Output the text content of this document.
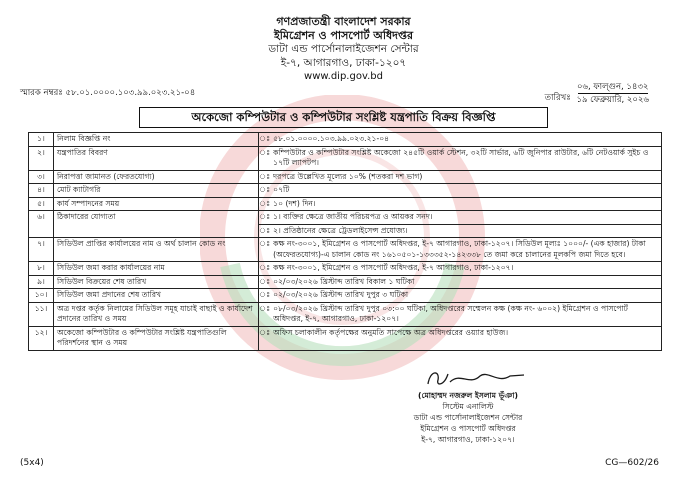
গণপ্রজাতন্ত্রী বাংলাদেশ সরকার
ইমিগ্রেশন ও পাসপোর্ট অধিদপ্তর
ডাটা এন্ড পার্সোনালাইজেশন সেন্টার
ই-৭, আগারগাও, ঢাকা-১২০৭
www.dip.gov.bd
স্মারক নম্বরঃ ৫৮.০১.০০০০.১০৩.৯৯.০২৩.২১-০৪	তারিখঃ
০৬, ফাল্গুন, ১৪৩২
১৯ ফেব্রুয়ারি, ২০২৬
অকেজো কম্পিউটার ও কম্পিউটার সংশ্লিষ্ট যন্ত্রপাতি বিক্রয় বিজ্ঞপ্তি
১।	নিলাম বিজ্ঞপ্তি নং	ঃ	৫৮.০১.০০০০.১০৩.৯৯.০২৩.২১-০৪
২।	যন্ত্রপাতির বিবরণ	ঃ	কম্পিউটার ও কম্পিউটার সংশ্লিষ্ট অকেজো ২৪৫টি ওয়ার্ক স্টেশন, ৩২টি সার্ভার, ৬টি জুনিপার রাউটার, ৬টি নেটওয়ার্ক সুইচ ও ১৭টি ল্যাপটপ।
৩।	নিরাপত্তা জামানত (ফেরতযোগ্য)	ঃ	দরপত্রে উল্লেখিত মূল্যের ১০% (শতকরা দশ ভাগ)
৪।	মোট ক্যাটাগরি	ঃ	০৭টি
৫।	কার্য সম্পাদনের সময়	ঃ	১০ (দশ) দিন।
৬।	ঠিকাদারের যোগ্যতা	ঃ	১। ব্যক্তির ক্ষেত্রে জাতীয় পরিচয়পত্র ও আয়কর সনদ।
		ঃ	২। প্রতিষ্ঠানের ক্ষেত্রে ট্রেডলাইসেন্স প্রযোজ্য।
৭।	সিডিউল প্রাপ্তির কার্যালয়ের নাম ও অর্থ চালান কোড নং	ঃ	কক্ষ নং-৩০০১, ইমিগ্রেশন ও পাসপোর্ট অধিদপ্তর, ই-৭ আগারগাও, ঢাকা-১২০৭। সিডিউল মূল্যঃ ১০০০/- (এক হাজার) টাকা (অফেরতযোগ্য)-এ চালান কোড নং ১৬১০৫০১-১৩৩৩৫২-১৪২৩৩৮ তে জমা করে চালানের মূলকপি জমা দিতে হবে।
৮।	সিডিউল জমা করার কার্যালয়ের নাম	ঃ	কক্ষ নং-৩০০১, ইমিগ্রেশন ও পাসপোর্ট অধিদপ্তর, ই-৭ আগারগাও, ঢাকা-১২০৭।
৯।	সিডিউল বিক্রয়ের শেষ তারিখ	ঃ	০২/০৩/২০২৬ খ্রিস্টাব্দ তারিখ বিকাল ১ ঘটিকা
১০।	সিডিউল জমা প্রদানের শেষ তারিখ	ঃ	০২/০৩/২০২৬ খ্রিস্টাব্দ তারিখ দুপুর ৩ ঘটিকা
১১।	অত্র দপ্তর কর্তৃক নিলামের সিডিউল সমূহ যাচাই বাছাই ও কার্যাদেশ প্রদানের তারিখ ও সময়	ঃ	০৮/০৩/২০২৬ খ্রিস্টাব্দ তারিখ দুপুর ০৩:০০ ঘটিকা, অধিদপ্তরের সম্মেলন কক্ষ (কক্ষ নং- ৬০০২) ইমিগ্রেশন ও পাসপোর্ট অধিদপ্তর, ই-৭, আগারগাও, ঢাকা-১২০৭।
১২।	অকেজো কম্পিউটার ও কম্পিউটার সংশ্লিষ্ট যন্ত্রপাতিগুলি পরিদর্শনের স্থান ও সময়	ঃ	অফিস চলাকালীন কর্তৃপক্ষের অনুমতি সাপেক্ষে অত্র অধিদপ্তরের ওয়্যার হাউজ।
(মোহাম্মদ নজরুল ইসলাম ভূঁঞা)
সিস্টেম এনালিস্ট
ডাটা এন্ড পার্সোনালাইজেশন সেন্টার
ইমিগ্রেশন ও পাসপোর্ট অধিদপ্তর
ই-৭, আগারগাও, ঢাকা-১২০৭।
(5x4)	CG—602/26
